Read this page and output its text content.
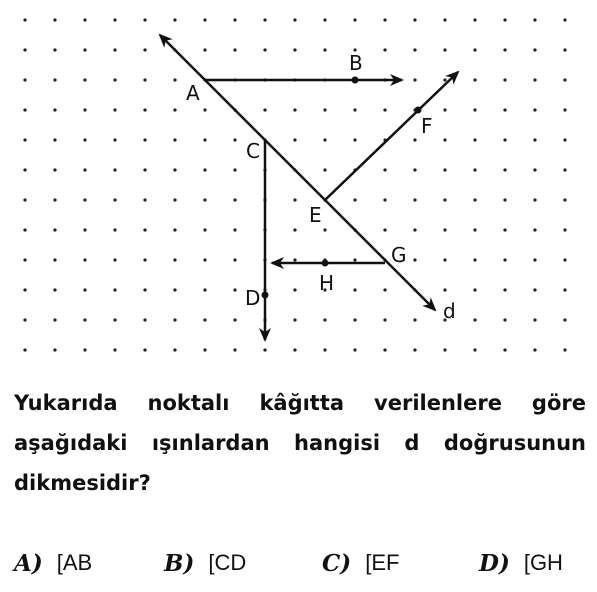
A
B
C
D
E
F
G
H
d

Yukarıda noktalı kâğıtta verilenlere göre aşağıdaki ışınlardan hangisi d doğrusunun dikmesidir?

A) [AB	B) [CD	C) [EF	D) [GH
